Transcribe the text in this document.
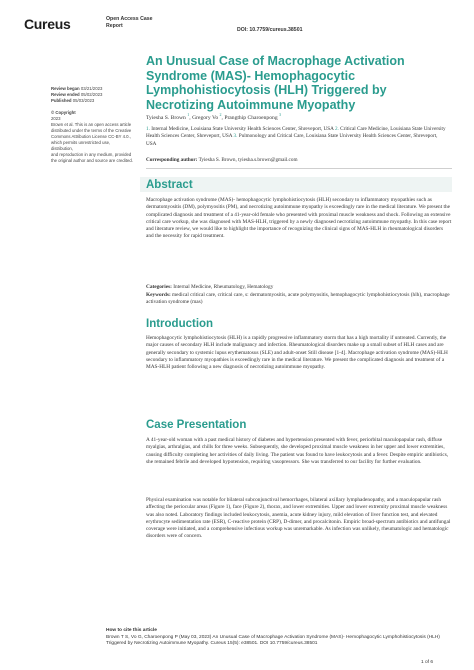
Cureus	Open Access Case
Report
DOI: 10.7759/cureus.38501
Review began 03/21/2023
Review ended 05/02/2023
Published 05/03/2023
© Copyright
2023
Brown et al. This is an open access article
distributed under the terms of the Creative
Commons Attribution License CC-BY 4.0.,
which permits unrestricted use, distribution,
and reproduction in any medium, provided
the original author and source are credited.
An Unusual Case of Macrophage Activation
Syndrome (MAS)- Hemophagocytic
Lymphohistiocytosis (HLH) Triggered by
Necrotizing Autoimmune Myopathy
Tyiesha S. Brown $^1$, Gregory Vo $^2$, Prangthip Charoenpong $^3$
1. Internal Medicine, Louisiana State University Health Sciences Center, Shreveport, USA 2. Critical Care Medicine, Louisiana State University Health Sciences Center, Shreveport, USA 3. Pulmonology and Critical Care, Louisiana State University Health Sciences Center, Shreveport, USA
Corresponding author: Tyiesha S. Brown, tyiesha.s.brown@gmail.com
Abstract
Macrophage activation syndrome (MAS)- hemophagocytic lymphohistiocytosis (HLH) secondary to inflammatory myopathies such as dermatomyositis (DM), polymyositis (PM), and necrotizing autoimmune myopathy is exceedingly rare in the medical literature. We present the complicated diagnosis and treatment of a 41-year-old female who presented with proximal muscle weakness and shock. Following an extensive critical care workup, she was diagnosed with MAS-HLH, triggered by a newly diagnosed necrotizing autoimmune myopathy. In this case report and literature review, we would like to highlight the importance of recognizing the clinical signs of MAS-HLH in rheumatological disorders and the necessity for rapid treatment.
Categories: Internal Medicine, Rheumatology, Hematology
Keywords: medical critical care, critical care, s: dermatomyositis, acute polymyositis, hemophagocytic lymphohistiocytosis (hlh), macrophage activation syndrome (mas)
Introduction
Hemophagocytic lymphohistiocytosis (HLH) is a rapidly progressive inflammatory storm that has a high mortality if untreated. Currently, the major causes of secondary HLH include malignancy and infection. Rheumatological disorders make up a small subset of HLH cases and are generally secondary to systemic lupus erythematosus (SLE) and adult-onset Still disease [1-4]. Macrophage activation syndrome (MAS)-HLH secondary to inflammatory myopathies is exceedingly rare in the medical literature. We present the complicated diagnosis and treatment of a MAS-HLH patient following a new diagnosis of necrotizing autoimmune myopathy.
Case Presentation
A 41-year-old woman with a past medical history of diabetes and hypertension presented with fever, periorbital maculopapular rash, diffuse myalgias, arthralgias, and chills for three weeks. Subsequently, she developed proximal muscle weakness in her upper and lower extremities, causing difficulty completing her activities of daily living. The patient was found to have leukocytosis and a fever. Despite empiric antibiotics, she remained febrile and developed hypotension, requiring vasopressors. She was transferred to our facility for further evaluation.
Physical examination was notable for bilateral subconjunctival hemorrhages, bilateral axillary lymphadenopathy, and a maculopapular rash affecting the periocular areas (Figure 1), face (Figure 2), thorax, and lower extremities. Upper and lower extremity proximal muscle weakness was also noted. Laboratory findings included leukocytosis, anemia, acute kidney injury, mild elevation of liver function test, and elevated erythrocyte sedimentation rate (ESR), C-reactive protein (CRP), D-dimer, and procalcitonin. Empiric broad-spectrum antibiotics and antifungal coverage were initiated, and a comprehensive infectious workup was unremarkable. As infection was unlikely, rheumatologic and hematologic disorders were of concern.
How to cite this article
Brown T S, Vo G, Charoenpong P (May 03, 2023) An Unusual Case of Macrophage Activation Syndrome (MAS)- Hemophagocytic Lymphohistiocytosis (HLH) Triggered by Necrotizing Autoimmune Myopathy. Cureus 15(5): e38501. DOI 10.7759/cureus.38501
1 of 6
